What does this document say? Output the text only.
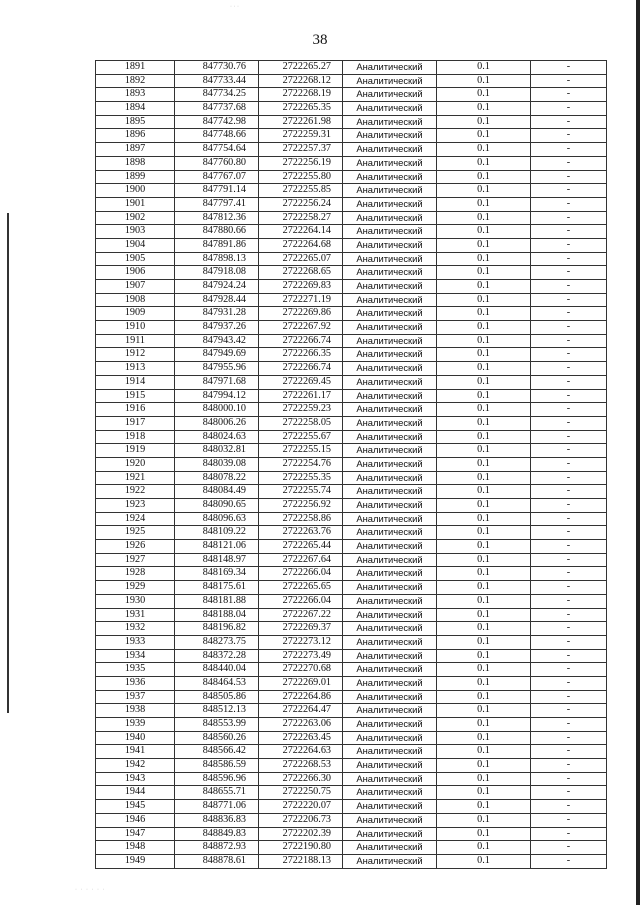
· · ·
38
1891	847730.76	2722265.27	Аналитический	0.1	-
1892	847733.44	2722268.12	Аналитический	0.1	-
1893	847734.25	2722268.19	Аналитический	0.1	-
1894	847737.68	2722265.35	Аналитический	0.1	-
1895	847742.98	2722261.98	Аналитический	0.1	-
1896	847748.66	2722259.31	Аналитический	0.1	-
1897	847754.64	2722257.37	Аналитический	0.1	-
1898	847760.80	2722256.19	Аналитический	0.1	-
1899	847767.07	2722255.80	Аналитический	0.1	-
1900	847791.14	2722255.85	Аналитический	0.1	-
1901	847797.41	2722256.24	Аналитический	0.1	-
1902	847812.36	2722258.27	Аналитический	0.1	-
1903	847880.66	2722264.14	Аналитический	0.1	-
1904	847891.86	2722264.68	Аналитический	0.1	-
1905	847898.13	2722265.07	Аналитический	0.1	-
1906	847918.08	2722268.65	Аналитический	0.1	-
1907	847924.24	2722269.83	Аналитический	0.1	-
1908	847928.44	2722271.19	Аналитический	0.1	-
1909	847931.28	2722269.86	Аналитический	0.1	-
1910	847937.26	2722267.92	Аналитический	0.1	-
1911	847943.42	2722266.74	Аналитический	0.1	-
1912	847949.69	2722266.35	Аналитический	0.1	-
1913	847955.96	2722266.74	Аналитический	0.1	-
1914	847971.68	2722269.45	Аналитический	0.1	-
1915	847994.12	2722261.17	Аналитический	0.1	-
1916	848000.10	2722259.23	Аналитический	0.1	-
1917	848006.26	2722258.05	Аналитический	0.1	-
1918	848024.63	2722255.67	Аналитический	0.1	-
1919	848032.81	2722255.15	Аналитический	0.1	-
1920	848039.08	2722254.76	Аналитический	0.1	-
1921	848078.22	2722255.35	Аналитический	0.1	-
1922	848084.49	2722255.74	Аналитический	0.1	-
1923	848090.65	2722256.92	Аналитический	0.1	-
1924	848096.63	2722258.86	Аналитический	0.1	-
1925	848109.22	2722263.76	Аналитический	0.1	-
1926	848121.06	2722265.44	Аналитический	0.1	-
1927	848148.97	2722267.64	Аналитический	0.1	-
1928	848169.34	2722266.04	Аналитический	0.1	-
1929	848175.61	2722265.65	Аналитический	0.1	-
1930	848181.88	2722266.04	Аналитический	0.1	-
1931	848188.04	2722267.22	Аналитический	0.1	-
1932	848196.82	2722269.37	Аналитический	0.1	-
1933	848273.75	2722273.12	Аналитический	0.1	-
1934	848372.28	2722273.49	Аналитический	0.1	-
1935	848440.04	2722270.68	Аналитический	0.1	-
1936	848464.53	2722269.01	Аналитический	0.1	-
1937	848505.86	2722264.86	Аналитический	0.1	-
1938	848512.13	2722264.47	Аналитический	0.1	-
1939	848553.99	2722263.06	Аналитический	0.1	-
1940	848560.26	2722263.45	Аналитический	0.1	-
1941	848566.42	2722264.63	Аналитический	0.1	-
1942	848586.59	2722268.53	Аналитический	0.1	-
1943	848596.96	2722266.30	Аналитический	0.1	-
1944	848655.71	2722250.75	Аналитический	0.1	-
1945	848771.06	2722220.07	Аналитический	0.1	-
1946	848836.83	2722206.73	Аналитический	0.1	-
1947	848849.83	2722202.39	Аналитический	0.1	-
1948	848872.93	2722190.80	Аналитический	0.1	-
1949	848878.61	2722188.13	Аналитический	0.1	-
· · · · · ·
